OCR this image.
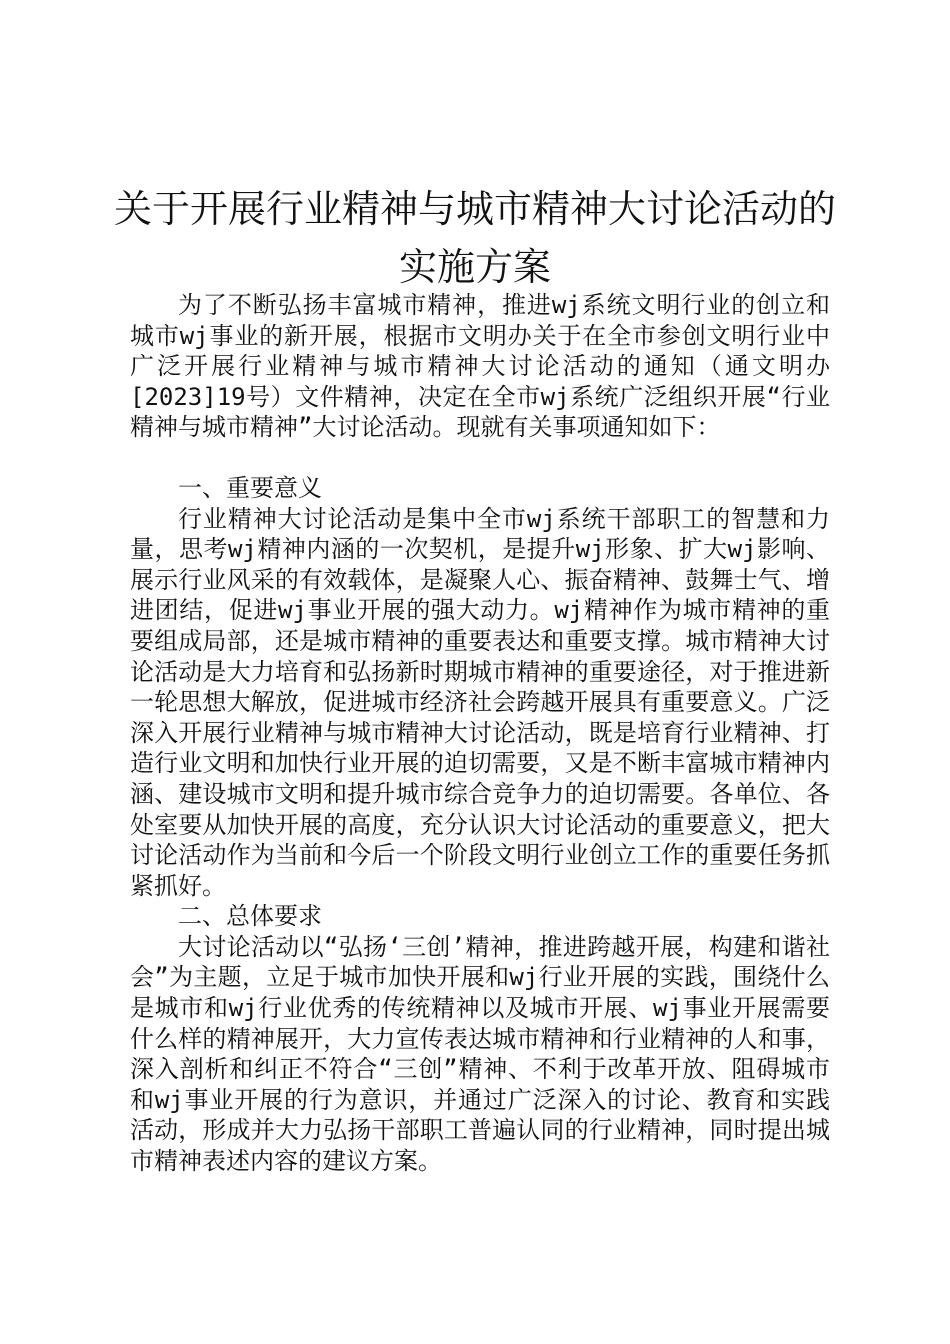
关于开展行业精神与城市精神大讨论活动的实施方案

为了不断弘扬丰富城市精神，推进wj系统文明行业的创立和城市wj事业的新开展，根据市文明办关于在全市参创文明行业中广泛开展行业精神与城市精神大讨论活动的通知（通文明办[2023]19号）文件精神，决定在全市wj系统广泛组织开展“行业精神与城市精神”大讨论活动。现就有关事项通知如下：

一、重要意义

行业精神大讨论活动是集中全市wj系统干部职工的智慧和力量，思考wj精神内涵的一次契机，是提升wj形象、扩大wj影响、展示行业风采的有效载体，是凝聚人心、振奋精神、鼓舞士气、增进团结，促进wj事业开展的强大动力。wj精神作为城市精神的重要组成局部，还是城市精神的重要表达和重要支撑。城市精神大讨论活动是大力培育和弘扬新时期城市精神的重要途径，对于推进新一轮思想大解放，促进城市经济社会跨越开展具有重要意义。广泛深入开展行业精神与城市精神大讨论活动，既是培育行业精神、打造行业文明和加快行业开展的迫切需要，又是不断丰富城市精神内涵、建设城市文明和提升城市综合竞争力的迫切需要。各单位、各处室要从加快开展的高度，充分认识大讨论活动的重要意义，把大讨论活动作为当前和今后一个阶段文明行业创立工作的重要任务抓紧抓好。

二、总体要求

大讨论活动以“弘扬‘三创’精神，推进跨越开展，构建和谐社会”为主题，立足于城市加快开展和wj行业开展的实践，围绕什么是城市和wj行业优秀的传统精神以及城市开展、wj事业开展需要什么样的精神展开，大力宣传表达城市精神和行业精神的人和事，深入剖析和纠正不符合“三创”精神、不利于改革开放、阻碍城市和wj事业开展的行为意识，并通过广泛深入的讨论、教育和实践活动，形成并大力弘扬干部职工普遍认同的行业精神，同时提出城市精神表述内容的建议方案。
